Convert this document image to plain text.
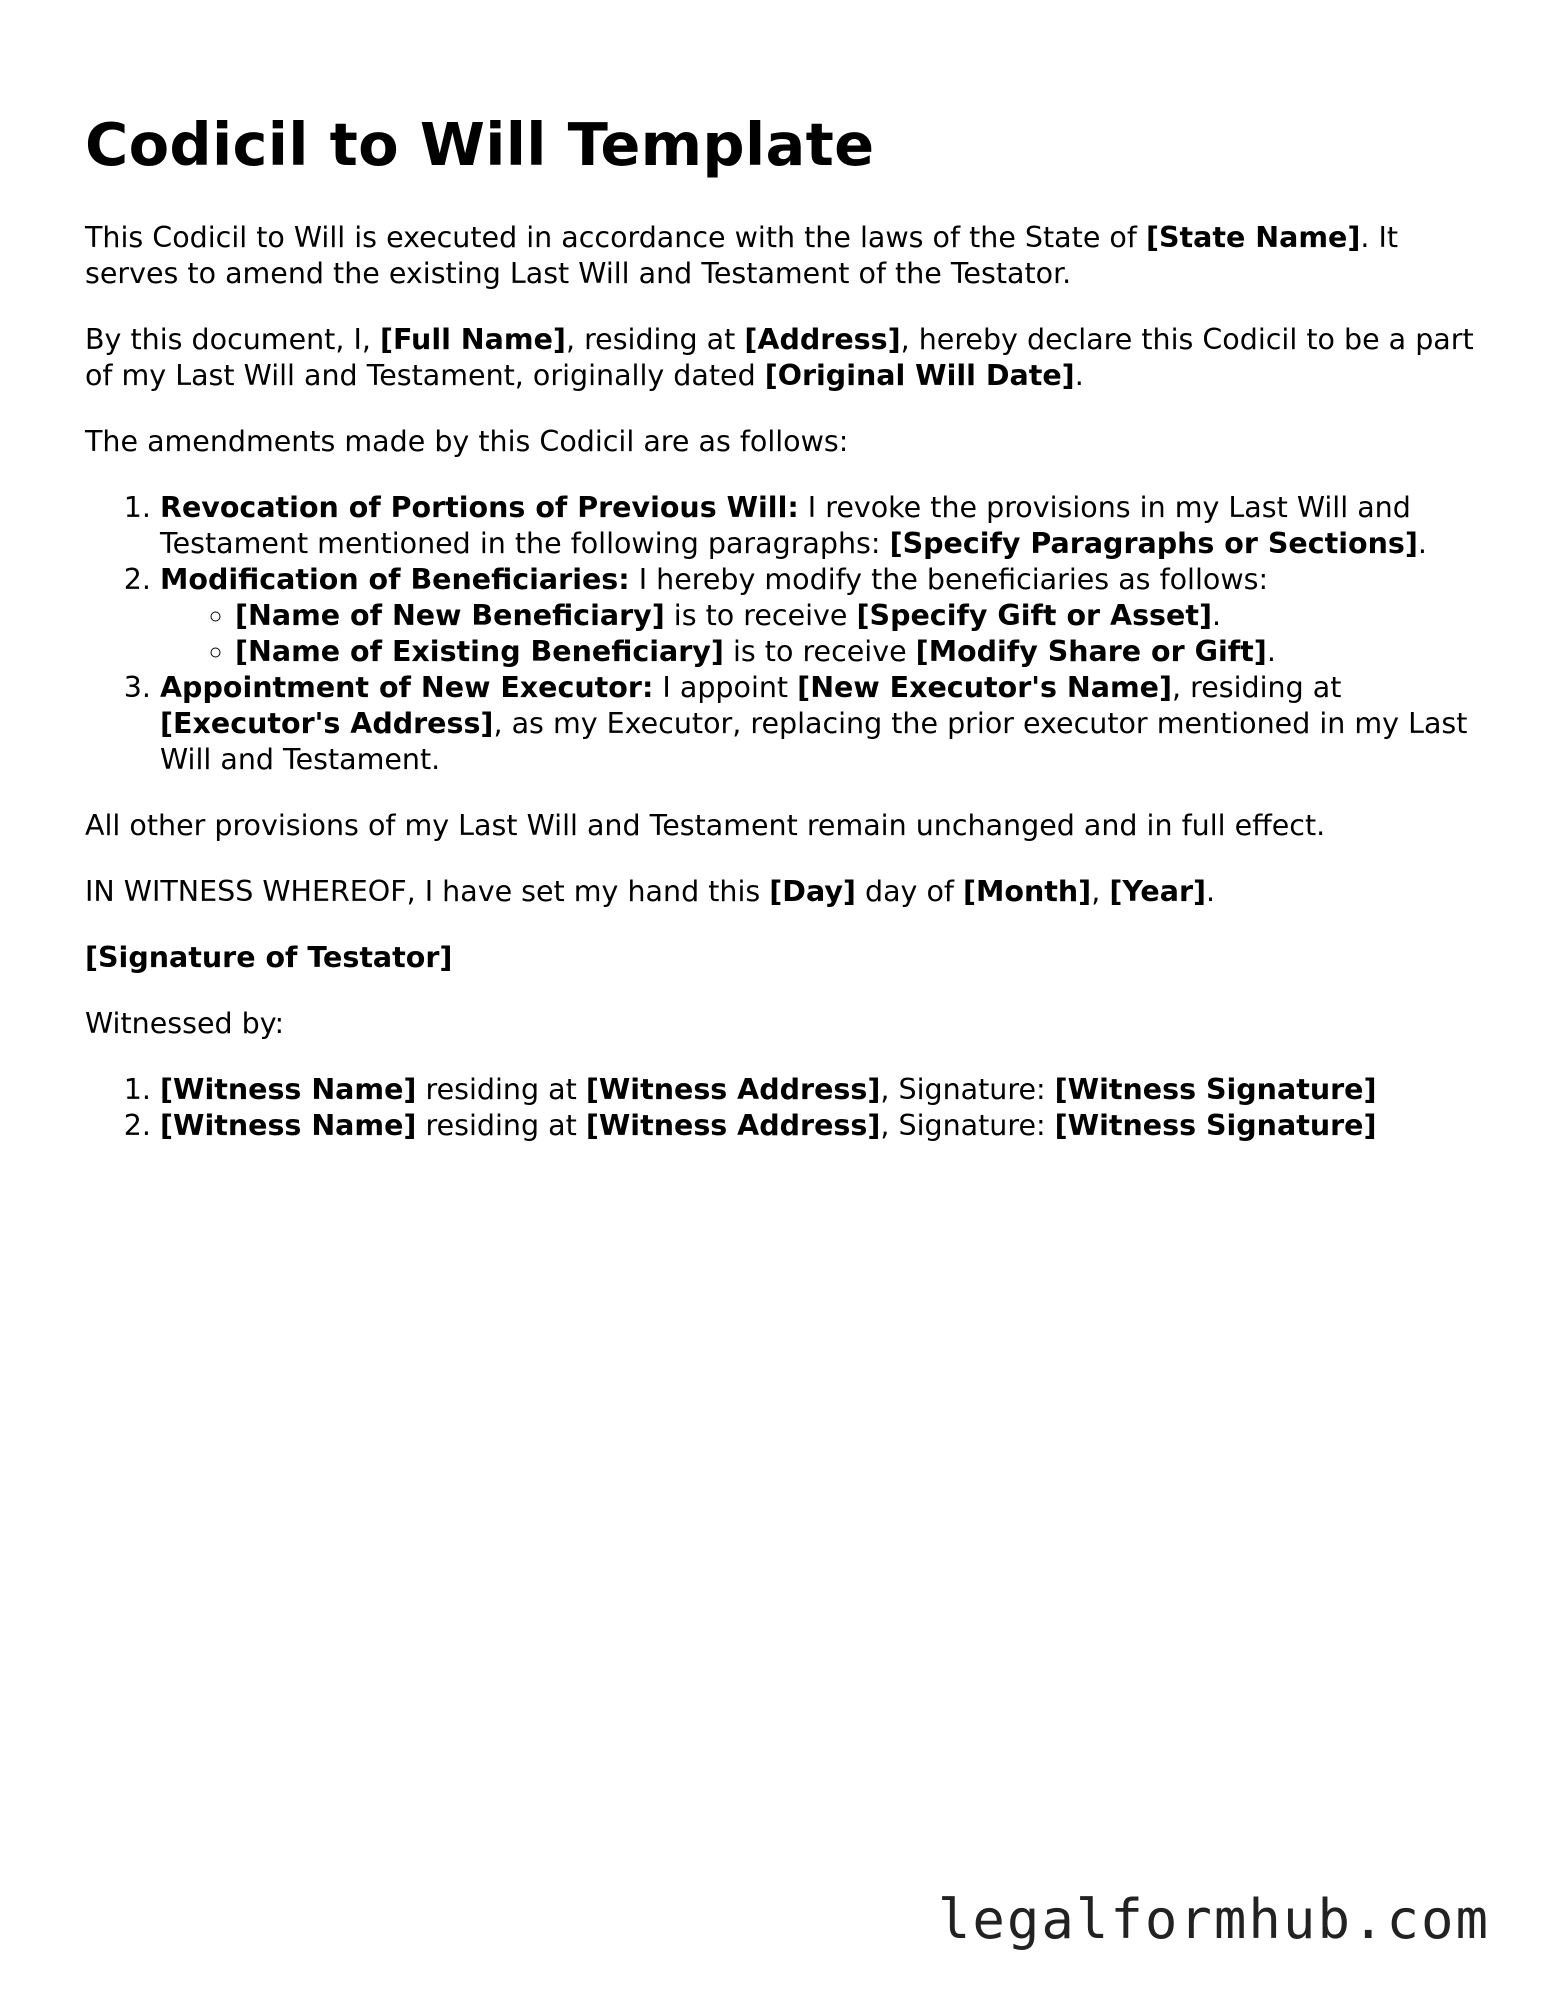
Codicil to Will Template

This Codicil to Will is executed in accordance with the laws of the State of [State Name]. It serves to amend the existing Last Will and Testament of the Testator.

By this document, I, [Full Name], residing at [Address], hereby declare this Codicil to be a part of my Last Will and Testament, originally dated [Original Will Date].

The amendments made by this Codicil are as follows:

1. Revocation of Portions of Previous Will: I revoke the provisions in my Last Will and Testament mentioned in the following paragraphs: [Specify Paragraphs or Sections].
2. Modification of Beneficiaries: I hereby modify the beneficiaries as follows:
◦ [Name of New Beneficiary] is to receive [Specify Gift or Asset].
◦ [Name of Existing Beneficiary] is to receive [Modify Share or Gift].
3. Appointment of New Executor: I appoint [New Executor's Name], residing at [Executor's Address], as my Executor, replacing the prior executor mentioned in my Last Will and Testament.

All other provisions of my Last Will and Testament remain unchanged and in full effect.

IN WITNESS WHEREOF, I have set my hand this [Day] day of [Month], [Year].

[Signature of Testator]

Witnessed by:

1. [Witness Name] residing at [Witness Address], Signature: [Witness Signature]
2. [Witness Name] residing at [Witness Address], Signature: [Witness Signature]
legalformhub.com
